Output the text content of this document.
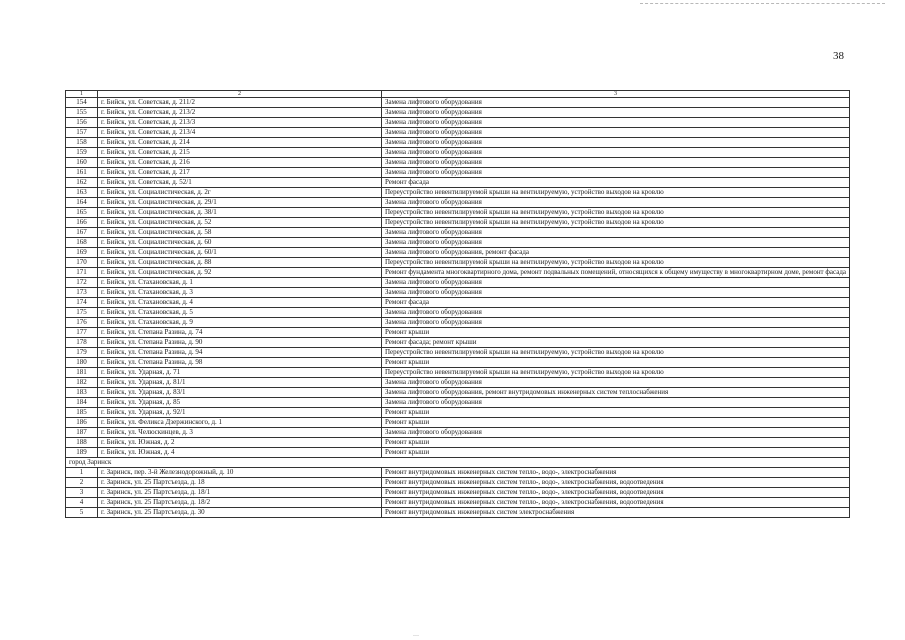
38
1	2	3
154	г. Бийск, ул. Советская, д. 211/2	Замена лифтового оборудования
155	г. Бийск, ул. Советская, д. 213/2	Замена лифтового оборудования
156	г. Бийск, ул. Советская, д. 213/3	Замена лифтового оборудования
157	г. Бийск, ул. Советская, д. 213/4	Замена лифтового оборудования
158	г. Бийск, ул. Советская, д. 214	Замена лифтового оборудования
159	г. Бийск, ул. Советская, д. 215	Замена лифтового оборудования
160	г. Бийск, ул. Советская, д. 216	Замена лифтового оборудования
161	г. Бийск, ул. Советская, д. 217	Замена лифтового оборудования
162	г. Бийск, ул. Советская, д. 52/1	Ремонт фасада
163	г. Бийск, ул. Социалистическая, д. 2г	Переустройство невентилируемой крыши на вентилируемую, устройство выходов на кровлю
164	г. Бийск, ул. Социалистическая, д. 29/1	Замена лифтового оборудования
165	г. Бийск, ул. Социалистическая, д. 38/1	Переустройство невентилируемой крыши на вентилируемую, устройство выходов на кровлю
166	г. Бийск, ул. Социалистическая, д. 52	Переустройство невентилируемой крыши на вентилируемую, устройство выходов на кровлю
167	г. Бийск, ул. Социалистическая, д. 58	Замена лифтового оборудования
168	г. Бийск, ул. Социалистическая, д. 60	Замена лифтового оборудования
169	г. Бийск, ул. Социалистическая, д. 60/1	Замена лифтового оборудования, ремонт фасада
170	г. Бийск, ул. Социалистическая, д. 88	Переустройство невентилируемой крыши на вентилируемую, устройство выходов на кровлю
171	г. Бийск, ул. Социалистическая, д. 92	Ремонт фундамента многоквартирного дома, ремонт подвальных помещений, относящихся к общему имуществу в многоквартирном доме, ремонт фасада
172	г. Бийск, ул. Стахановская, д. 1	Замена лифтового оборудования
173	г. Бийск, ул. Стахановская, д. 3	Замена лифтового оборудования
174	г. Бийск, ул. Стахановская, д. 4	Ремонт фасада
175	г. Бийск, ул. Стахановская, д. 5	Замена лифтового оборудования
176	г. Бийск, ул. Стахановская, д. 9	Замена лифтового оборудования
177	г. Бийск, ул. Степана Разина, д. 74	Ремонт крыши
178	г. Бийск, ул. Степана Разина, д. 90	Ремонт фасада; ремонт крыши
179	г. Бийск, ул. Степана Разина, д. 94	Переустройство невентилируемой крыши на вентилируемую, устройство выходов на кровлю
180	г. Бийск, ул. Степана Разина, д. 98	Ремонт крыши
181	г. Бийск, ул. Ударная, д. 71	Переустройство невентилируемой крыши на вентилируемую, устройство выходов на кровлю
182	г. Бийск, ул. Ударная, д. 81/1	Замена лифтового оборудования
183	г. Бийск, ул. Ударная, д. 83/1	Замена лифтового оборудования, ремонт внутридомовых инженерных систем теплоснабжения
184	г. Бийск, ул. Ударная, д. 85	Замена лифтового оборудования
185	г. Бийск, ул. Ударная, д. 92/1	Ремонт крыши
186	г. Бийск, ул. Феликса Дзержинского, д. 1	Ремонт крыши
187	г. Бийск, ул. Челюскинцев, д. 3	Замена лифтового оборудования
188	г. Бийск, ул. Южная, д. 2	Ремонт крыши
189	г. Бийск, ул. Южная, д. 4	Ремонт крыши
город Заринск		
1	г. Заринск, пер. 3-й Железнодорожный, д. 10	Ремонт внутридомовых инженерных систем тепло-, водо-, электроснабжения
2	г. Заринск, ул. 25 Партсъезда, д. 18	Ремонт внутридомовых инженерных систем тепло-, водо-, электроснабжения, водоотведения
3	г. Заринск, ул. 25 Партсъезда, д. 18/1	Ремонт внутридомовых инженерных систем тепло-, водо-, электроснабжения, водоотведения
4	г. Заринск, ул. 25 Партсъезда, д. 18/2	Ремонт внутридомовых инженерных систем тепло-, водо-, электроснабжения, водоотведения
5	г. Заринск, ул. 25 Партсъезда, д. 30	Ремонт внутридомовых инженерных систем электроснабжения
…
